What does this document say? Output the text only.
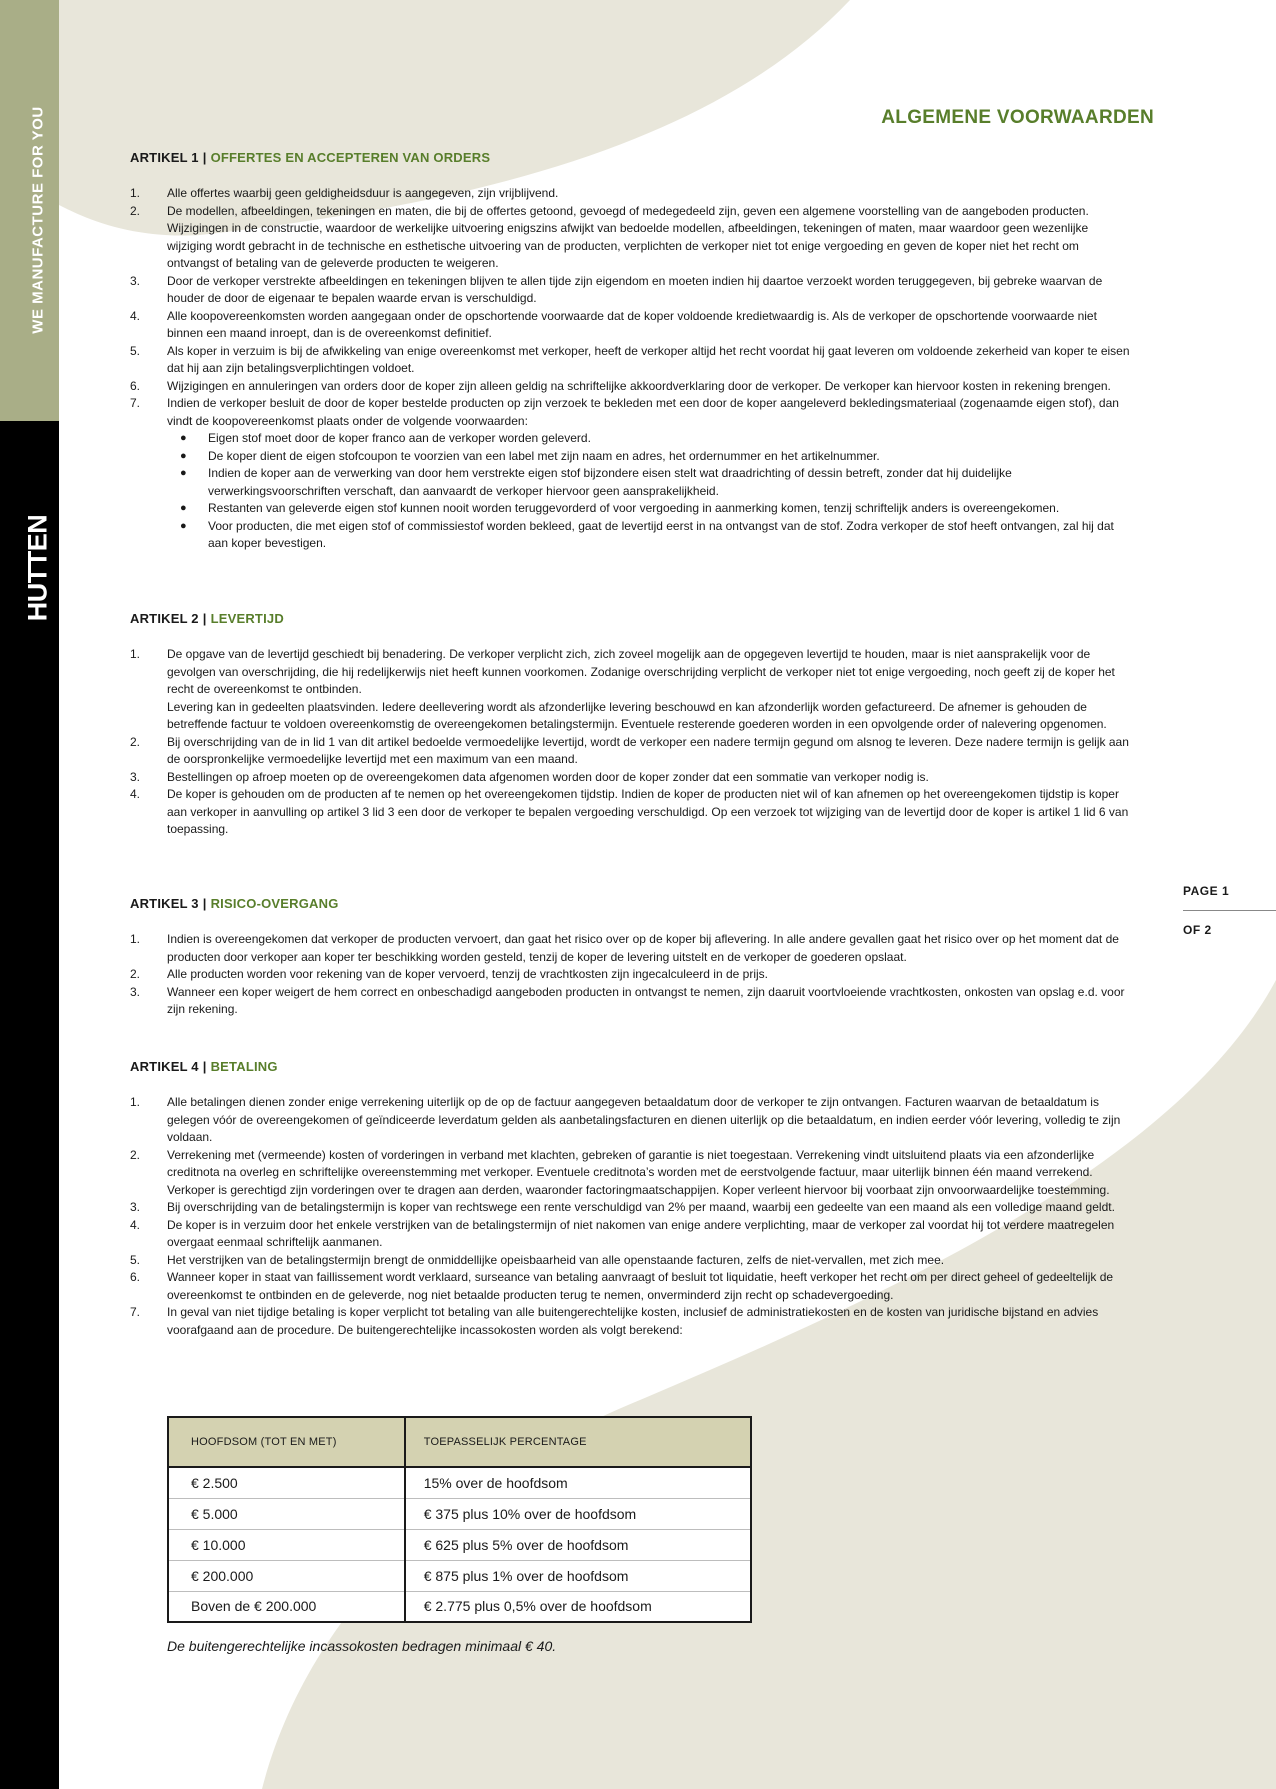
WE MANUFACTURE FOR YOU
HUTTEN
PAGE 1
OF 2
ALGEMENE VOORWAARDEN
ARTIKEL 1 | OFFERTES EN ACCEPTEREN VAN ORDERS
1. Alle offertes waarbij geen geldigheidsduur is aangegeven, zijn vrijblijvend.

2. De modellen, afbeeldingen, tekeningen en maten, die bij de offertes getoond, gevoegd of medegedeeld zijn, geven een algemene voorstelling van de aangeboden producten. Wijzigingen in de constructie, waardoor de werkelijke uitvoering enigszins afwijkt van bedoelde modellen, afbeeldingen, tekeningen of maten, maar waardoor geen wezenlijke wijziging wordt gebracht in de technische en esthetische uitvoering van de producten, verplichten de verkoper niet tot enige vergoeding en geven de koper niet het recht om ontvangst of betaling van de geleverde producten te weigeren.

3. Door de verkoper verstrekte afbeeldingen en tekeningen blijven te allen tijde zijn eigendom en moeten indien hij daartoe verzoekt worden teruggegeven, bij gebreke waarvan de houder de door de eigenaar te bepalen waarde ervan is verschuldigd.

4. Alle koopovereenkomsten worden aangegaan onder de opschortende voorwaarde dat de koper voldoende kredietwaardig is. Als de verkoper de opschortende voorwaarde niet binnen een maand inroept, dan is de overeenkomst definitief.

5. Als koper in verzuim is bij de afwikkeling van enige overeenkomst met verkoper, heeft de verkoper altijd het recht voordat hij gaat leveren om voldoende zekerheid van koper te eisen dat hij aan zijn betalingsverplichtingen voldoet.

6. Wijzigingen en annuleringen van orders door de koper zijn alleen geldig na schriftelijke akkoordverklaring door de verkoper. De verkoper kan hiervoor kosten in rekening brengen.

7. Indien de verkoper besluit de door de koper bestelde producten op zijn verzoek te bekleden met een door de koper aangeleverd bekledingsmateriaal (zogenaamde eigen stof), dan vindt de koopovereenkomst plaats onder de volgende voorwaarden:

● Eigen stof moet door de koper franco aan de verkoper worden geleverd.
● De koper dient de eigen stofcoupon te voorzien van een label met zijn naam en adres, het ordernummer en het artikelnummer.
● Indien de koper aan de verwerking van door hem verstrekte eigen stof bijzondere eisen stelt wat draadrichting of dessin betreft, zonder dat hij duidelijke verwerkingsvoorschriften verschaft, dan aanvaardt de verkoper hiervoor geen aansprakelijkheid.
● Restanten van geleverde eigen stof kunnen nooit worden teruggevorderd of voor vergoeding in aanmerking komen, tenzij schriftelijk anders is overeengekomen.
● Voor producten, die met eigen stof of commissiestof worden bekleed, gaat de levertijd eerst in na ontvangst van de stof. Zodra verkoper de stof heeft ontvangen, zal hij dat aan koper bevestigen.
ARTIKEL 2 | LEVERTIJD
1. De opgave van de levertijd geschiedt bij benadering. De verkoper verplicht zich, zich zoveel mogelijk aan de opgegeven levertijd te houden, maar is niet aansprakelijk voor de gevolgen van overschrijding, die hij redelijkerwijs niet heeft kunnen voorkomen. Zodanige overschrijding verplicht de verkoper niet tot enige vergoeding, noch geeft zij de koper het recht de overeenkomst te ontbinden.

Levering kan in gedeelten plaatsvinden. Iedere deellevering wordt als afzonderlijke levering beschouwd en kan afzonderlijk worden gefactureerd. De afnemer is gehouden de betreffende factuur te voldoen overeenkomstig de overeengekomen betalingstermijn. Eventuele resterende goederen worden in een opvolgende order of nalevering opgenomen.

2. Bij overschrijding van de in lid 1 van dit artikel bedoelde vermoedelijke levertijd, wordt de verkoper een nadere termijn gegund om alsnog te leveren. Deze nadere termijn is gelijk aan de oorspronkelijke vermoedelijke levertijd met een maximum van een maand.

3. Bestellingen op afroep moeten op de overeengekomen data afgenomen worden door de koper zonder dat een sommatie van verkoper nodig is.

4. De koper is gehouden om de producten af te nemen op het overeengekomen tijdstip. Indien de koper de producten niet wil of kan afnemen op het overeengekomen tijdstip is koper aan verkoper in aanvulling op artikel 3 lid 3 een door de verkoper te bepalen vergoeding verschuldigd. Op een verzoek tot wijziging van de levertijd door de koper is artikel 1 lid 6 van toepassing.

ARTIKEL 3 | RISICO-OVERGANG
1. Indien is overeengekomen dat verkoper de producten vervoert, dan gaat het risico over op de koper bij aflevering. In alle andere gevallen gaat het risico over op het moment dat de producten door verkoper aan koper ter beschikking worden gesteld, tenzij de koper de levering uitstelt en de verkoper de goederen opslaat.

2. Alle producten worden voor rekening van de koper vervoerd, tenzij de vrachtkosten zijn ingecalculeerd in de prijs.

3. Wanneer een koper weigert de hem correct en onbeschadigd aangeboden producten in ontvangst te nemen, zijn daaruit voortvloeiende vrachtkosten, onkosten van opslag e.d. voor zijn rekening.

ARTIKEL 4 | BETALING
1. Alle betalingen dienen zonder enige verrekening uiterlijk op de op de factuur aangegeven betaaldatum door de verkoper te zijn ontvangen. Facturen waarvan de betaaldatum is gelegen vóór de overeengekomen of geïndiceerde leverdatum gelden als aanbetalingsfacturen en dienen uiterlijk op die betaaldatum, en indien eerder vóór levering, volledig te zijn voldaan.

2. Verrekening met (vermeende) kosten of vorderingen in verband met klachten, gebreken of garantie is niet toegestaan. Verrekening vindt uitsluitend plaats via een afzonderlijke creditnota na overleg en schriftelijke overeenstemming met verkoper. Eventuele creditnota’s worden met de eerstvolgende factuur, maar uiterlijk binnen één maand verrekend. Verkoper is gerechtigd zijn vorderingen over te dragen aan derden, waaronder factoringmaatschappijen. Koper verleent hiervoor bij voorbaat zijn onvoorwaardelijke toestemming.

3. Bij overschrijding van de betalingstermijn is koper van rechtswege een rente verschuldigd van 2% per maand, waarbij een gedeelte van een maand als een volledige maand geldt.

4. De koper is in verzuim door het enkele verstrijken van de betalingstermijn of niet nakomen van enige andere verplichting, maar de verkoper zal voordat hij tot verdere maatregelen overgaat eenmaal schriftelijk aanmanen.

5. Het verstrijken van de betalingstermijn brengt de onmiddellijke opeisbaarheid van alle openstaande facturen, zelfs de niet-vervallen, met zich mee.

6. Wanneer koper in staat van faillissement wordt verklaard, surseance van betaling aanvraagt of besluit tot liquidatie, heeft verkoper het recht om per direct geheel of gedeeltelijk de overeenkomst te ontbinden en de geleverde, nog niet betaalde producten terug te nemen, onverminderd zijn recht op schadevergoeding.

7. In geval van niet tijdige betaling is koper verplicht tot betaling van alle buitengerechtelijke kosten, inclusief de administratiekosten en de kosten van juridische bijstand en advies voorafgaand aan de procedure. De buitengerechtelijke incassokosten worden als volgt berekend:

HOOFDSOM (TOT EN MET)	TOEPASSELIJK PERCENTAGE
€ 2.500	15% over de hoofdsom
€ 5.000	€ 375 plus 10% over de hoofdsom
€ 10.000	€ 625 plus 5% over de hoofdsom
€ 200.000	€ 875 plus 1% over de hoofdsom
Boven de € 200.000	€ 2.775 plus 0,5% over de hoofdsom
De buitengerechtelijke incassokosten bedragen minimaal € 40.
